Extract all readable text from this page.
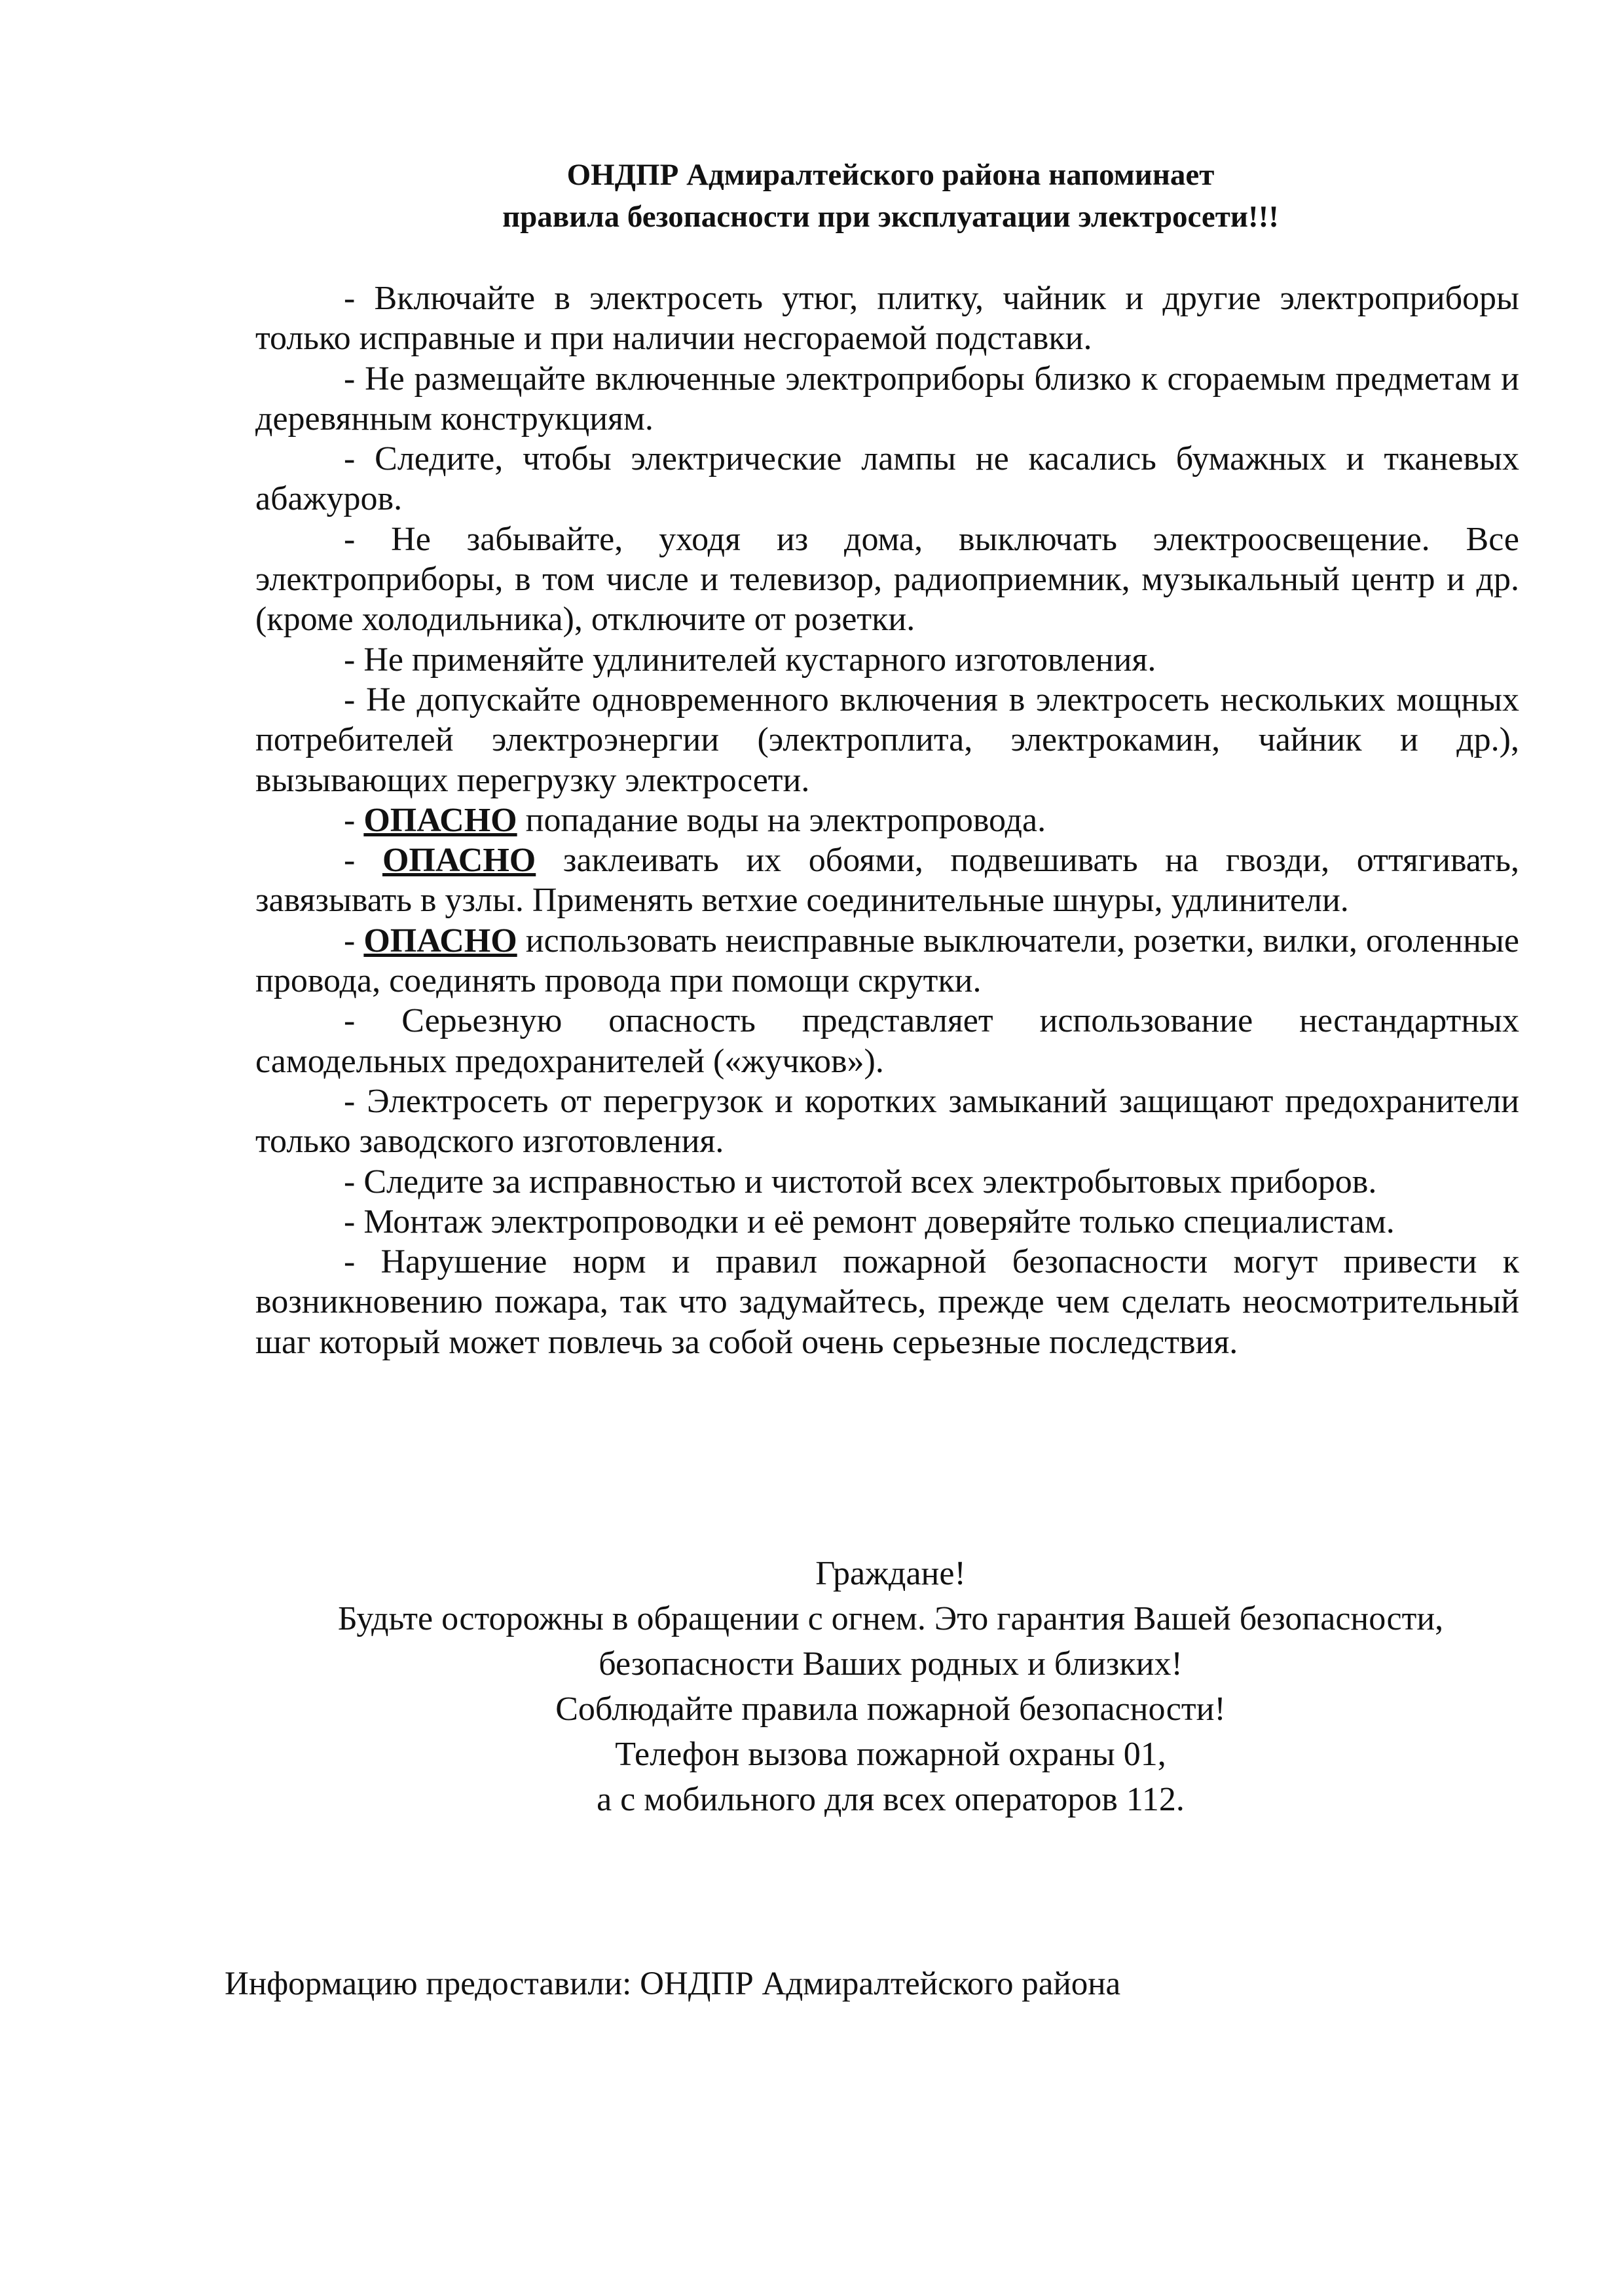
ОНДПР Адмиралтейского района напоминает
правила безопасности при эксплуатации электросети!!!

- Включайте в электросеть утюг, плитку, чайник и другие электроприборы только исправные и при наличии несгораемой подставки.

- Не размещайте включенные электроприборы близко к сгораемым предметам и деревянным конструкциям.

- Следите, чтобы электрические лампы не касались бумажных и тканевых абажуров.

- Не забывайте, уходя из дома, выключать электроосвещение. Все электроприборы, в том числе и телевизор, радиоприемник, музыкальный центр и др. (кроме холодильника), отключите от розетки.

- Не применяйте удлинителей кустарного изготовления.

- Не допускайте одновременного включения в электросеть нескольких мощных потребителей электроэнергии (электроплита, электрокамин, чайник и др.), вызывающих перегрузку электросети.

- ОПАСНО попадание воды на электропровода.

- ОПАСНО заклеивать их обоями, подвешивать на гвозди, оттягивать, завязывать в узлы. Применять ветхие соединительные шнуры, удлинители.

- ОПАСНО использовать неисправные выключатели, розетки, вилки, оголенные провода, соединять провода при помощи скрутки.

- Серьезную опасность представляет использование нестандартных самодельных предохранителей («жучков»).

- Электросеть от перегрузок и коротких замыканий защищают предохранители только заводского изготовления.

- Следите за исправностью и чистотой всех электробытовых приборов.

- Монтаж электропроводки и её ремонт доверяйте только специалистам.

- Нарушение норм и правил пожарной безопасности могут привести к возникновению пожара, так что задумайтесь, прежде чем сделать неосмотрительный шаг который может повлечь за собой очень серьезные последствия.

Граждане!
Будьте осторожны в обращении с огнем. Это гарантия Вашей безопасности,
безопасности Ваших родных и близких!
Соблюдайте правила пожарной безопасности!
Телефон вызова пожарной охраны 01,
а с мобильного для всех операторов 112.
Информацию предоставили: ОНДПР Адмиралтейского района
